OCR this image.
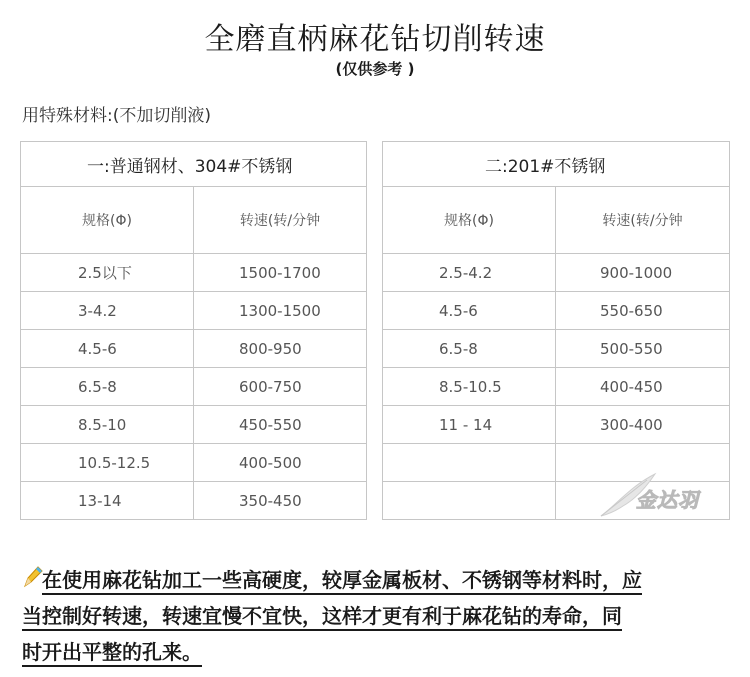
全磨直柄麻花钻切削转速
(仅供参考 )
用特殊材料:(不加切削液)
一:普通钢材、304#不锈钢	
规格(Φ)	转速(转/分钟
2.5以下	1500-1700
3-4.2	1300-1500
4.5-6	800-950
6.5-8	600-750
8.5-10	450-550
10.5-12.5	400-500
13-14	350-450
二:201#不锈钢	
规格(Φ)	转速(转/分钟
2.5-4.2	900-1000
4.5-6	550-650
6.5-8	500-550
8.5-10.5	400-450
11 - 14	300-400

金达羽
在使用麻花钻加工一些高硬度，较厚金属板材、不锈钢等材料时，应
当控制好转速，转速宜慢不宜快，这样才更有利于麻花钻的寿命，同
时开出平整的孔来。
